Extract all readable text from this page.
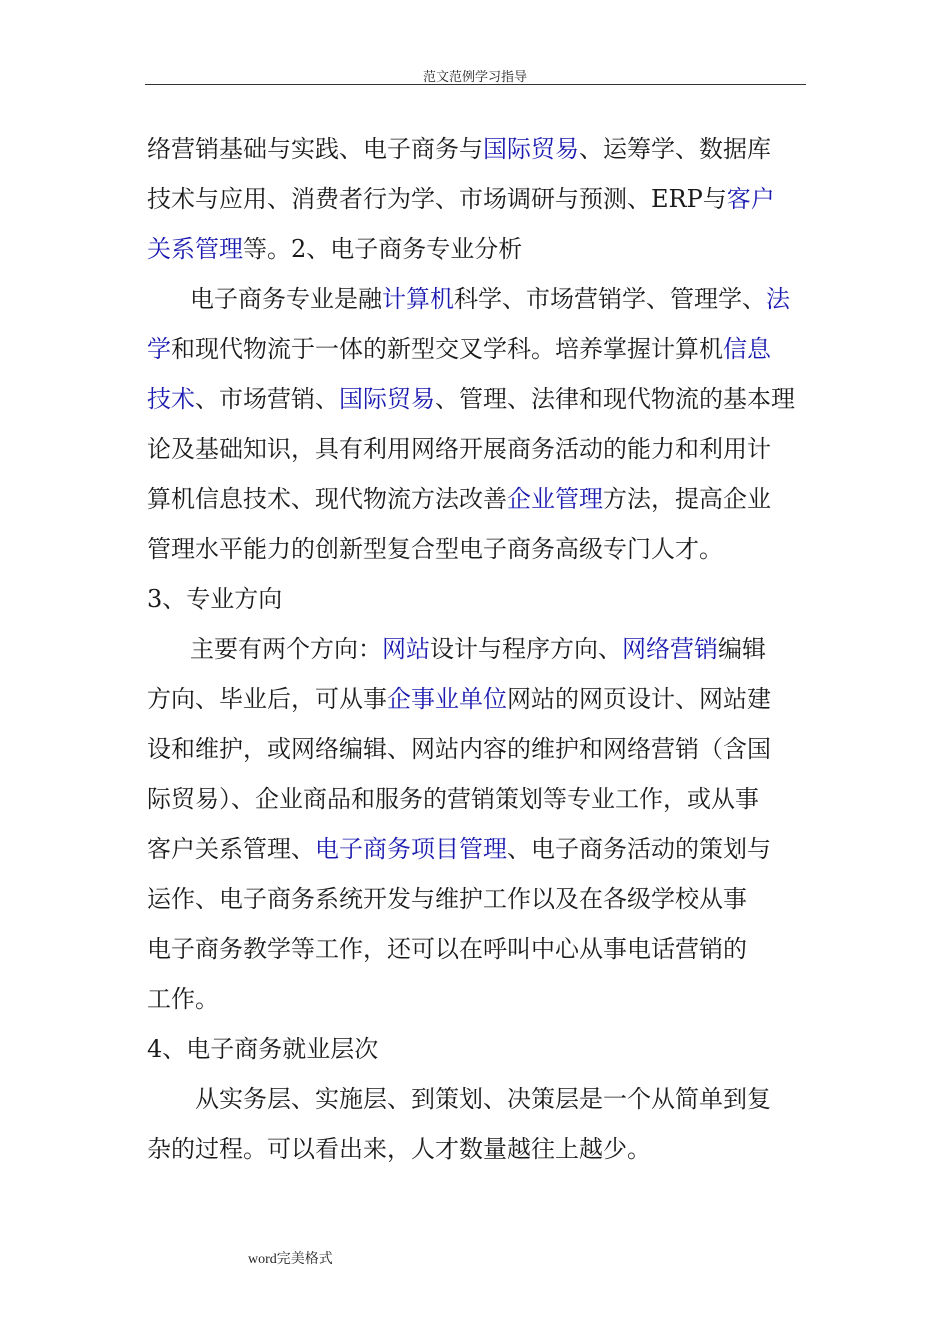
范文范例学习指导
络营销基础与实践、电子商务与国际贸易、运筹学、数据库
技术与应用、消费者行为学、市场调研与预测、ERP与客户
关系管理等。2、电子商务专业分析
电子商务专业是融计算机科学、市场营销学、管理学、法
学和现代物流于一体的新型交叉学科。培养掌握计算机信息
技术、市场营销、国际贸易、管理、法律和现代物流的基本理
论及基础知识，具有利用网络开展商务活动的能力和利用计
算机信息技术、现代物流方法改善企业管理方法，提高企业
管理水平能力的创新型复合型电子商务高级专门人才。
3、专业方向
主要有两个方向：网站设计与程序方向、网络营销编辑
方向、毕业后，可从事企事业单位网站的网页设计、网站建
设和维护，或网络编辑、网站内容的维护和网络营销（含国
际贸易）、企业商品和服务的营销策划等专业工作，或从事
客户关系管理、电子商务项目管理、电子商务活动的策划与
运作、电子商务系统开发与维护工作以及在各级学校从事
电子商务教学等工作，还可以在呼叫中心从事电话营销的
工作。
4、电子商务就业层次
从实务层、实施层、到策划、决策层是一个从简单到复
杂的过程。可以看出来，人才数量越往上越少。
word完美格式
